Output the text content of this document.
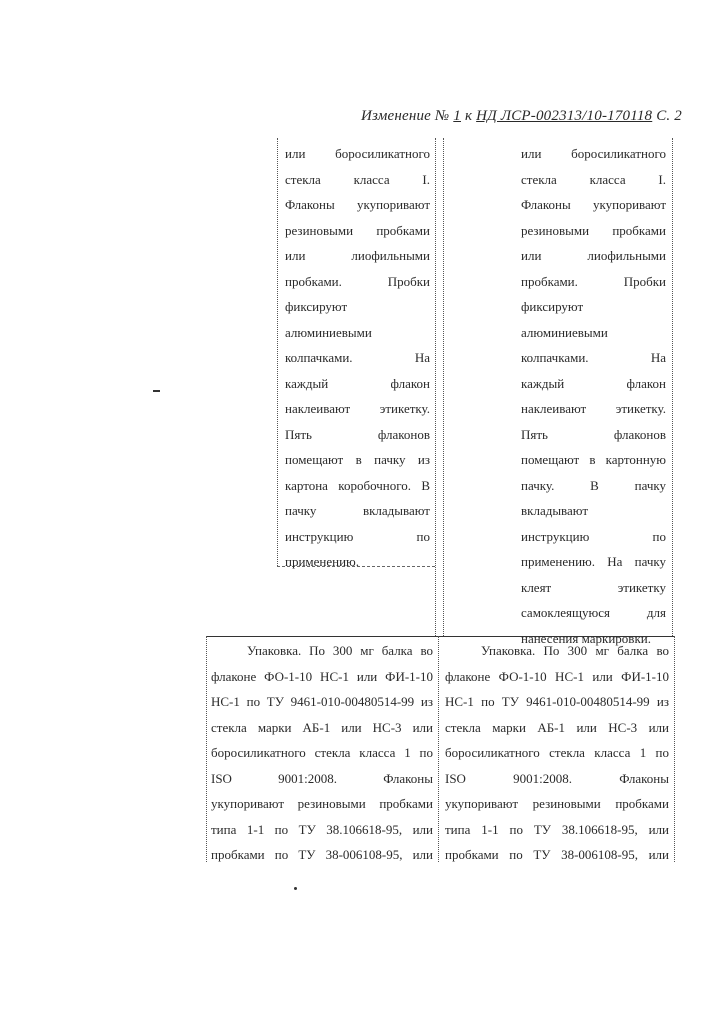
Изменение № 1 к НД ЛСР-002313/10-170118 С. 2
или боросиликатного
стекла класса I.
Флаконы укупоривают
резиновыми пробками
или лиофильными
пробками. Пробки
фиксируют
алюминиевыми
колпачками. На
каждый флакон
наклеивают этикетку.
Пять флаконов
помещают в пачку из
картона коробочного. В
пачку вкладывают
инструкцию по
применению.
или боросиликатного
стекла класса I.
Флаконы укупоривают
резиновыми пробками
или лиофильными
пробками. Пробки
фиксируют
алюминиевыми
колпачками. На
каждый флакон
наклеивают этикетку.
Пять флаконов
помещают в картонную
пачку. В пачку
вкладывают
инструкцию по
применению. На пачку
клеят этикетку
самоклеящуюся для
нанесения маркировки.
Упаковка. По 300 мг балка во
флаконе ФО-1-10 НС-1 или ФИ-1-10
НС-1 по ТУ 9461-010-00480514-99 из
стекла марки АБ-1 или НС-3 или
боросиликатного стекла класса 1 по
ISO 9001:2008. Флаконы
укупоривают резиновыми пробками
типа 1-1 по ТУ 38.106618-95, или
пробками по ТУ 38-006108-95, или
Упаковка. По 300 мг балка во
флаконе ФО-1-10 НС-1 или ФИ-1-10
НС-1 по ТУ 9461-010-00480514-99 из
стекла марки АБ-1 или НС-3 или
боросиликатного стекла класса 1 по
ISO 9001:2008. Флаконы
укупоривают резиновыми пробками
типа 1-1 по ТУ 38.106618-95, или
пробками по ТУ 38-006108-95, или
